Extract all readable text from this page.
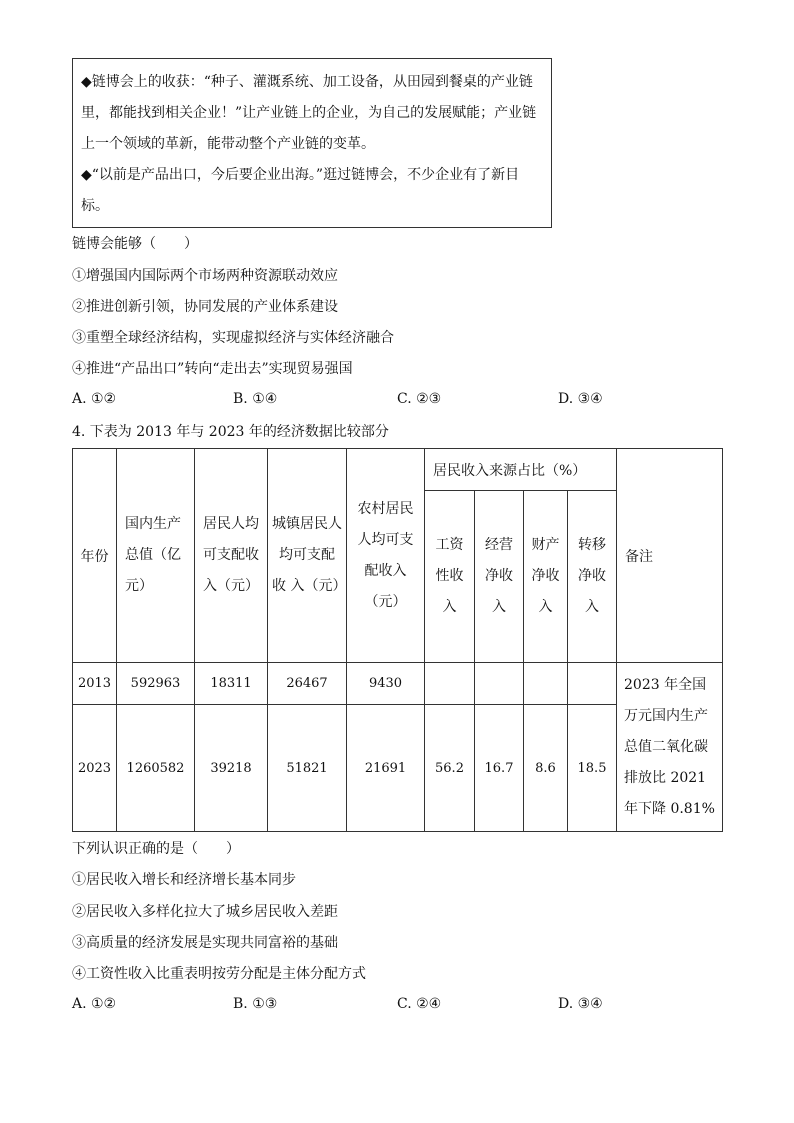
◆链博会上的收获：“种子、灌溉系统、加工设备，从田园到餐桌的产业链里，都能找到相关企业！”让产业链上的企业，为自己的发展赋能；产业链上一个领域的革新，能带动整个产业链的变革。

◆“以前是产品出口，今后要企业出海。”逛过链博会，不少企业有了新目标。

链博会能够（　　）
①增强国内国际两个市场两种资源联动效应
②推进创新引领，协同发展的产业体系建设
③重塑全球经济结构，实现虚拟经济与实体经济融合
④推进“产品出口”转向“走出去”实现贸易强国
A. ①②	B. ①④	C. ②③	D. ③④
4. 下表为 2013 年与 2023 年的经济数据比较部分
年份	国内生产总值（亿元）	居民人均可支配收入（元）	城镇居民人均可支配 收 入（元）	农村居民人均可支配收入（元）	居民收入来源占比（%）				备注
					工资性收入	经营净收入	财产净收入	转移净收入	
2013	592963	18311	26467	9430					2023 年全国万元国内生产总值二氧化碳排放比 2021 年下降 0.81%
2023	1260582	39218	51821	21691	56.2	16.7	8.6	18.5	
下列认识正确的是（　　）
①居民收入增长和经济增长基本同步
②居民收入多样化拉大了城乡居民收入差距
③高质量的经济发展是实现共同富裕的基础
④工资性收入比重表明按劳分配是主体分配方式
A. ①②	B. ①③	C. ②④	D. ③④
